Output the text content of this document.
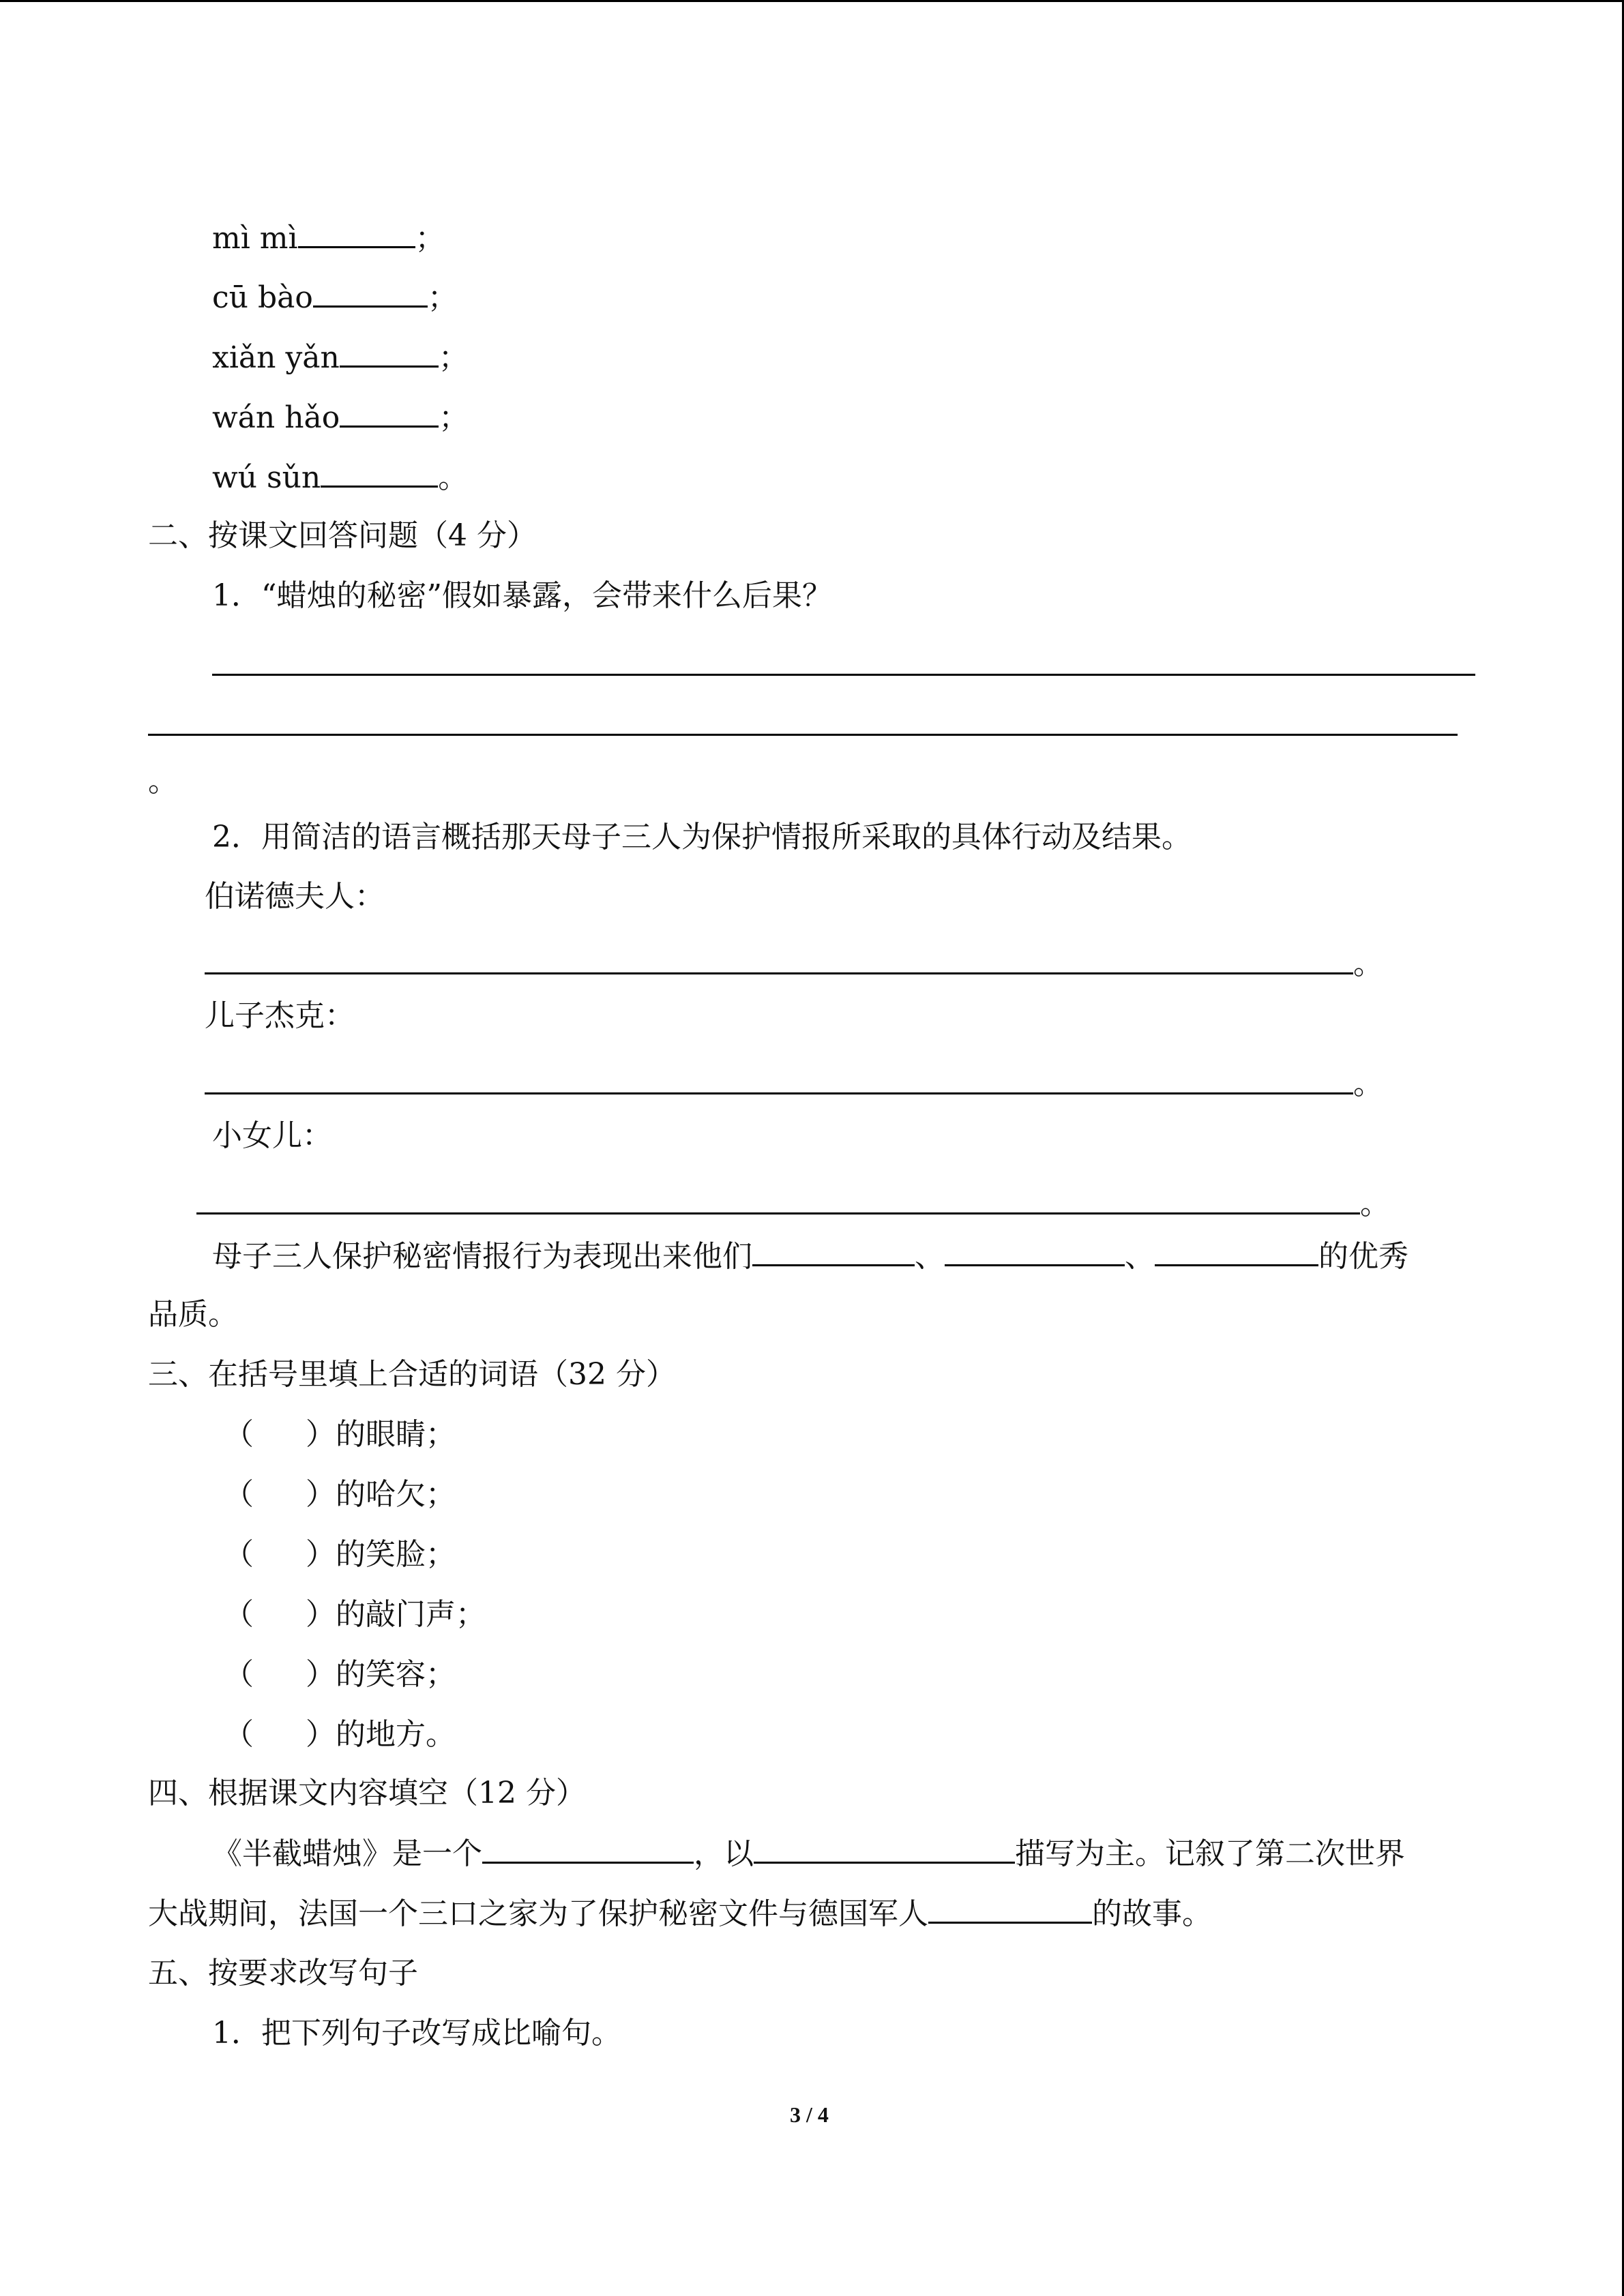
mì mì	；
cū bào	；
xiǎn yǎn	；
wán hǎo	；
wú sǔn	。
二、按课文回答问题（4 分）
1．“蜡烛的秘密”假如暴露，会带来什么后果？
。
2．用简洁的语言概括那天母子三人为保护情报所采取的具体行动及结果。
伯诺德夫人：
。
儿子杰克：
。
小女儿：
。
母子三人保护秘密情报行为表现出来他们	、	、	的优秀
品质。
三、在括号里填上合适的词语（32 分）
（ ）的眼睛；
（ ）的哈欠；
（ ）的笑脸；
（ ）的敲门声；
（ ）的笑容；
（ ）的地方。
四、根据课文内容填空（12 分）
《半截蜡烛》是一个	，以	描写为主。记叙了第二次世界
大战期间，法国一个三口之家为了保护秘密文件与德国军人	的故事。
五、按要求改写句子
1．把下列句子改写成比喻句。
3 / 4
